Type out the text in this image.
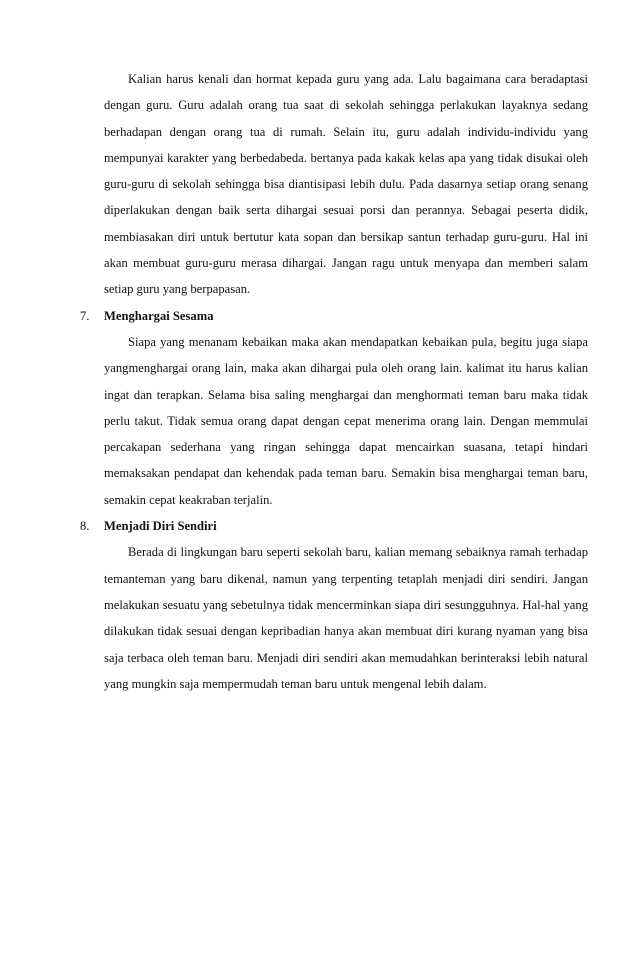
Kalian harus kenali dan hormat kepada guru yang ada. Lalu bagaimana cara beradaptasi dengan guru. Guru adalah orang tua saat di sekolah sehingga perlakukan layaknya sedang berhadapan dengan orang tua di rumah. Selain itu, guru adalah individu-individu yang mempunyai karakter yang berbedabeda. bertanya pada kakak kelas apa yang tidak disukai oleh guru-guru di sekolah sehingga bisa diantisipasi lebih dulu. Pada dasarnya setiap orang senang diperlakukan dengan baik serta dihargai sesuai porsi dan perannya. Sebagai peserta didik, membiasakan diri untuk bertutur kata sopan dan bersikap santun terhadap guru-guru. Hal ini akan membuat guru-guru merasa dihargai. Jangan ragu untuk menyapa dan memberi salam setiap guru yang berpapasan.

7. Menghargai Sesama

Siapa yang menanam kebaikan maka akan mendapatkan kebaikan pula, begitu juga siapa yangmenghargai orang lain, maka akan dihargai pula oleh orang lain. kalimat itu harus kalian ingat dan terapkan. Selama bisa saling menghargai dan menghormati teman baru maka tidak perlu takut. Tidak semua orang dapat dengan cepat menerima orang lain. Dengan memmulai percakapan sederhana yang ringan sehingga dapat mencairkan suasana, tetapi hindari memaksakan pendapat dan kehendak pada teman baru. Semakin bisa menghargai teman baru, semakin cepat keakraban terjalin.

8. Menjadi Diri Sendiri

Berada di lingkungan baru seperti sekolah baru, kalian memang sebaiknya ramah terhadap temanteman yang baru dikenal, namun yang terpenting tetaplah menjadi diri sendiri. Jangan melakukan sesuatu yang sebetulnya tidak mencerminkan siapa diri sesungguhnya. Hal-hal yang dilakukan tidak sesuai dengan kepribadian hanya akan membuat diri kurang nyaman yang bisa saja terbaca oleh teman baru. Menjadi diri sendiri akan memudahkan berinteraksi lebih natural yang mungkin saja mempermudah teman baru untuk mengenal lebih dalam.
